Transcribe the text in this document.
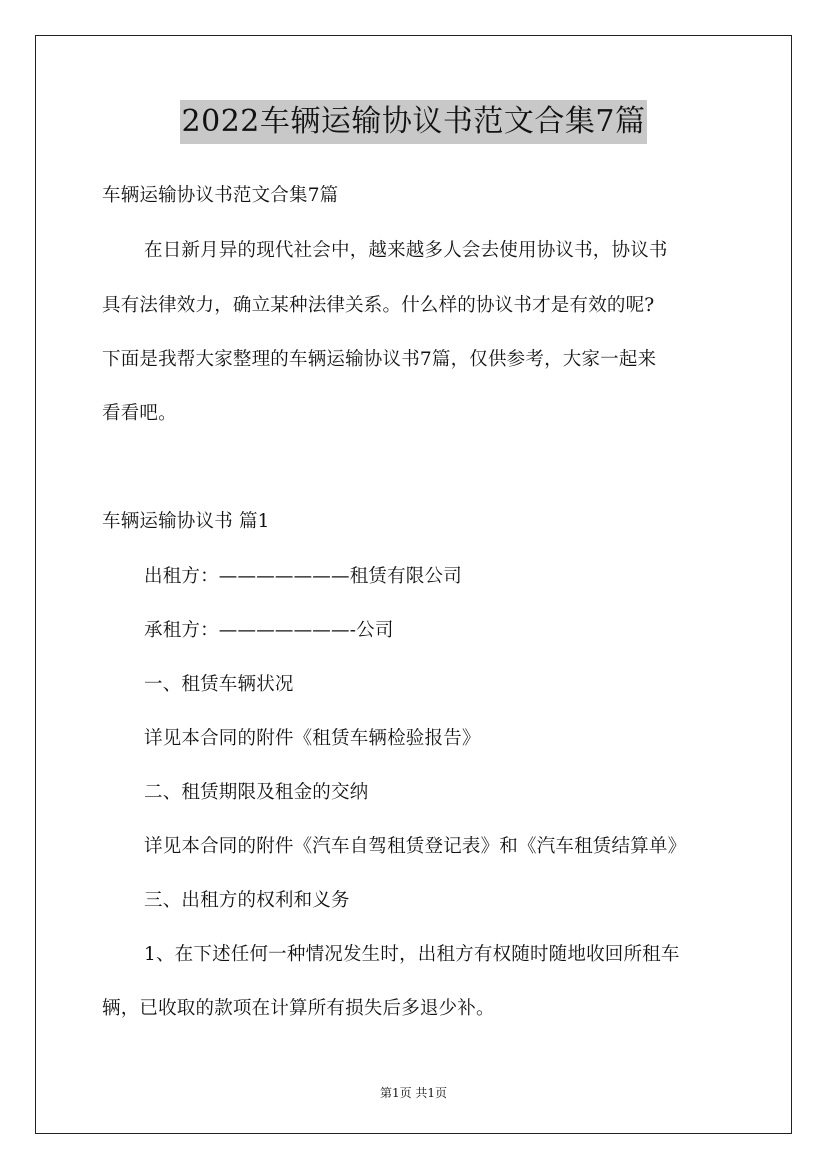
2022车辆运输协议书范文合集7篇
车辆运输协议书范文合集7篇
在日新月异的现代社会中，越来越多人会去使用协议书，协议书
具有法律效力，确立某种法律关系。什么样的协议书才是有效的呢?
下面是我帮大家整理的车辆运输协议书7篇，仅供参考，大家一起来
看看吧。
车辆运输协议书 篇1
出租方：———————租赁有限公司
承租方：———————-公司
一、租赁车辆状况
详见本合同的附件《租赁车辆检验报告》
二、租赁期限及租金的交纳
详见本合同的附件《汽车自驾租赁登记表》和《汽车租赁结算单》
三、出租方的权利和义务
1、在下述任何一种情况发生时，出租方有权随时随地收回所租车
辆，已收取的款项在计算所有损失后多退少补。
第1页 共1页
